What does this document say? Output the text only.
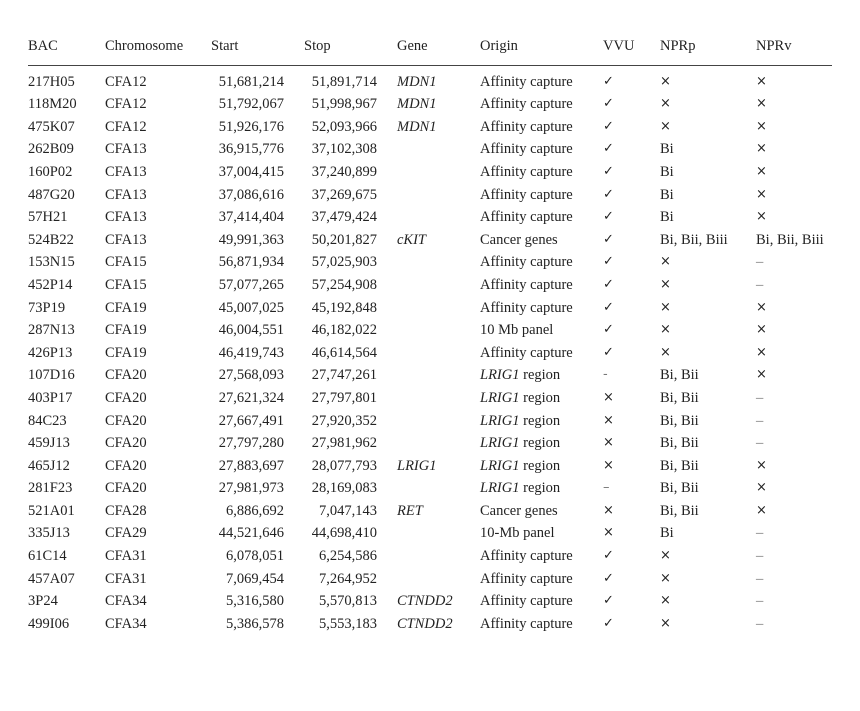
BAC	Chromosome	Start	Stop	Gene	Origin	VVU	NPRp	NPRv
217H05	CFA12	51,681,214	51,891,714	MDN1	Affinity capture	✓	×	×
118M20	CFA12	51,792,067	51,998,967	MDN1	Affinity capture	✓	×	×
475K07	CFA12	51,926,176	52,093,966	MDN1	Affinity capture	✓	×	×
262B09	CFA13	36,915,776	37,102,308		Affinity capture	✓	Bi	×
160P02	CFA13	37,004,415	37,240,899		Affinity capture	✓	Bi	×
487G20	CFA13	37,086,616	37,269,675		Affinity capture	✓	Bi	×
57H21	CFA13	37,414,404	37,479,424		Affinity capture	✓	Bi	×
524B22	CFA13	49,991,363	50,201,827	cKIT	Cancer genes	✓	Bi, Bii, Biii	Bi, Bii, Biii
153N15	CFA15	56,871,934	57,025,903		Affinity capture	✓	×	–
452P14	CFA15	57,077,265	57,254,908		Affinity capture	✓	×	–
73P19	CFA19	45,007,025	45,192,848		Affinity capture	✓	×	×
287N13	CFA19	46,004,551	46,182,022		10 Mb panel	✓	×	×
426P13	CFA19	46,419,743	46,614,564		Affinity capture	✓	×	×
107D16	CFA20	27,568,093	27,747,261		LRIG1 region	-	Bi, Bii	×
403P17	CFA20	27,621,324	27,797,801		LRIG1 region	×	Bi, Bii	–
84C23	CFA20	27,667,491	27,920,352		LRIG1 region	×	Bi, Bii	–
459J13	CFA20	27,797,280	27,981,962		LRIG1 region	×	Bi, Bii	–
465J12	CFA20	27,883,697	28,077,793	LRIG1	LRIG1 region	×	Bi, Bii	×
281F23	CFA20	27,981,973	28,169,083		LRIG1 region	–	Bi, Bii	×
521A01	CFA28	6,886,692	7,047,143	RET	Cancer genes	×	Bi, Bii	×
335J13	CFA29	44,521,646	44,698,410		10-Mb panel	×	Bi	–
61C14	CFA31	6,078,051	6,254,586		Affinity capture	✓	×	–
457A07	CFA31	7,069,454	7,264,952		Affinity capture	✓	×	–
3P24	CFA34	5,316,580	5,570,813	CTNDD2	Affinity capture	✓	×	–
499I06	CFA34	5,386,578	5,553,183	CTNDD2	Affinity capture	✓	×	–
